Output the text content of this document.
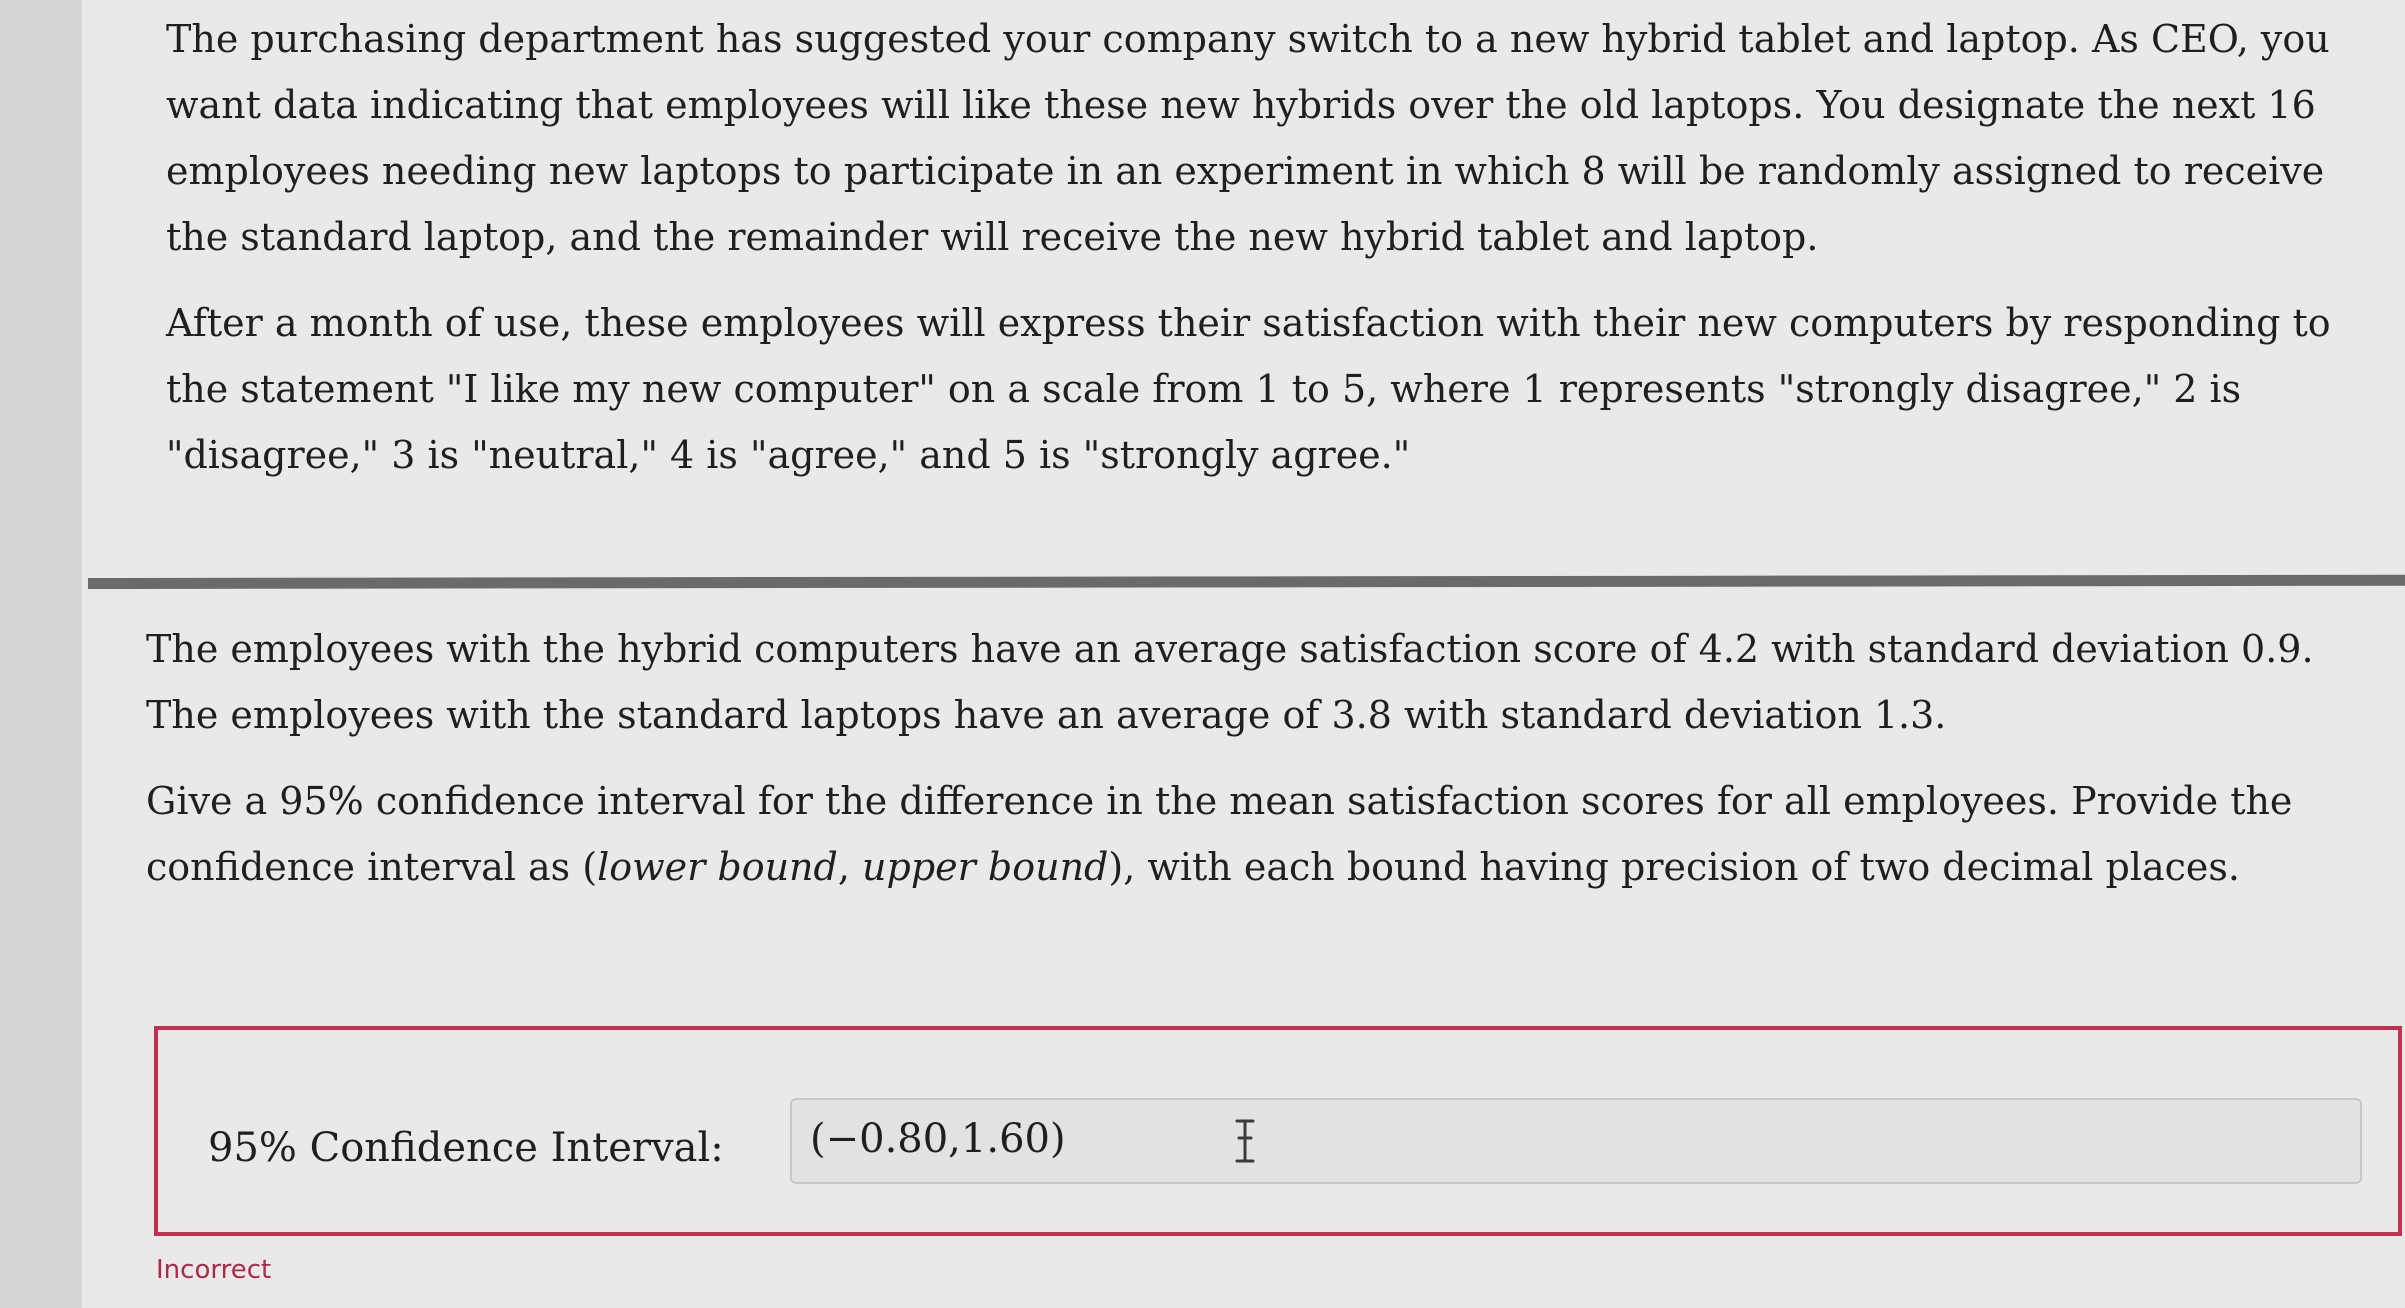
The purchasing department has suggested your company switch to a new hybrid tablet and laptop. As CEO, you want data indicating that employees will like these new hybrids over the old laptops. You designate the next 16 employees needing new laptops to participate in an experiment in which 8 will be randomly assigned to receive the standard laptop, and the remainder will receive the new hybrid tablet and laptop.

After a month of use, these employees will express their satisfaction with their new computers by responding to the statement "I like my new computer" on a scale from 1 to 5, where 1 represents "strongly disagree," 2 is "disagree," 3 is "neutral," 4 is "agree," and 5 is "strongly agree."

The employees with the hybrid computers have an average satisfaction score of 4.2 with standard deviation 0.9. The employees with the standard laptops have an average of 3.8 with standard deviation 1.3.

Give a 95% confidence interval for the difference in the mean satisfaction scores for all employees. Provide the confidence interval as (lower bound, upper bound), with each bound having precision of two decimal places.

95% Confidence Interval: (−0.80,1.60)
Incorrect
